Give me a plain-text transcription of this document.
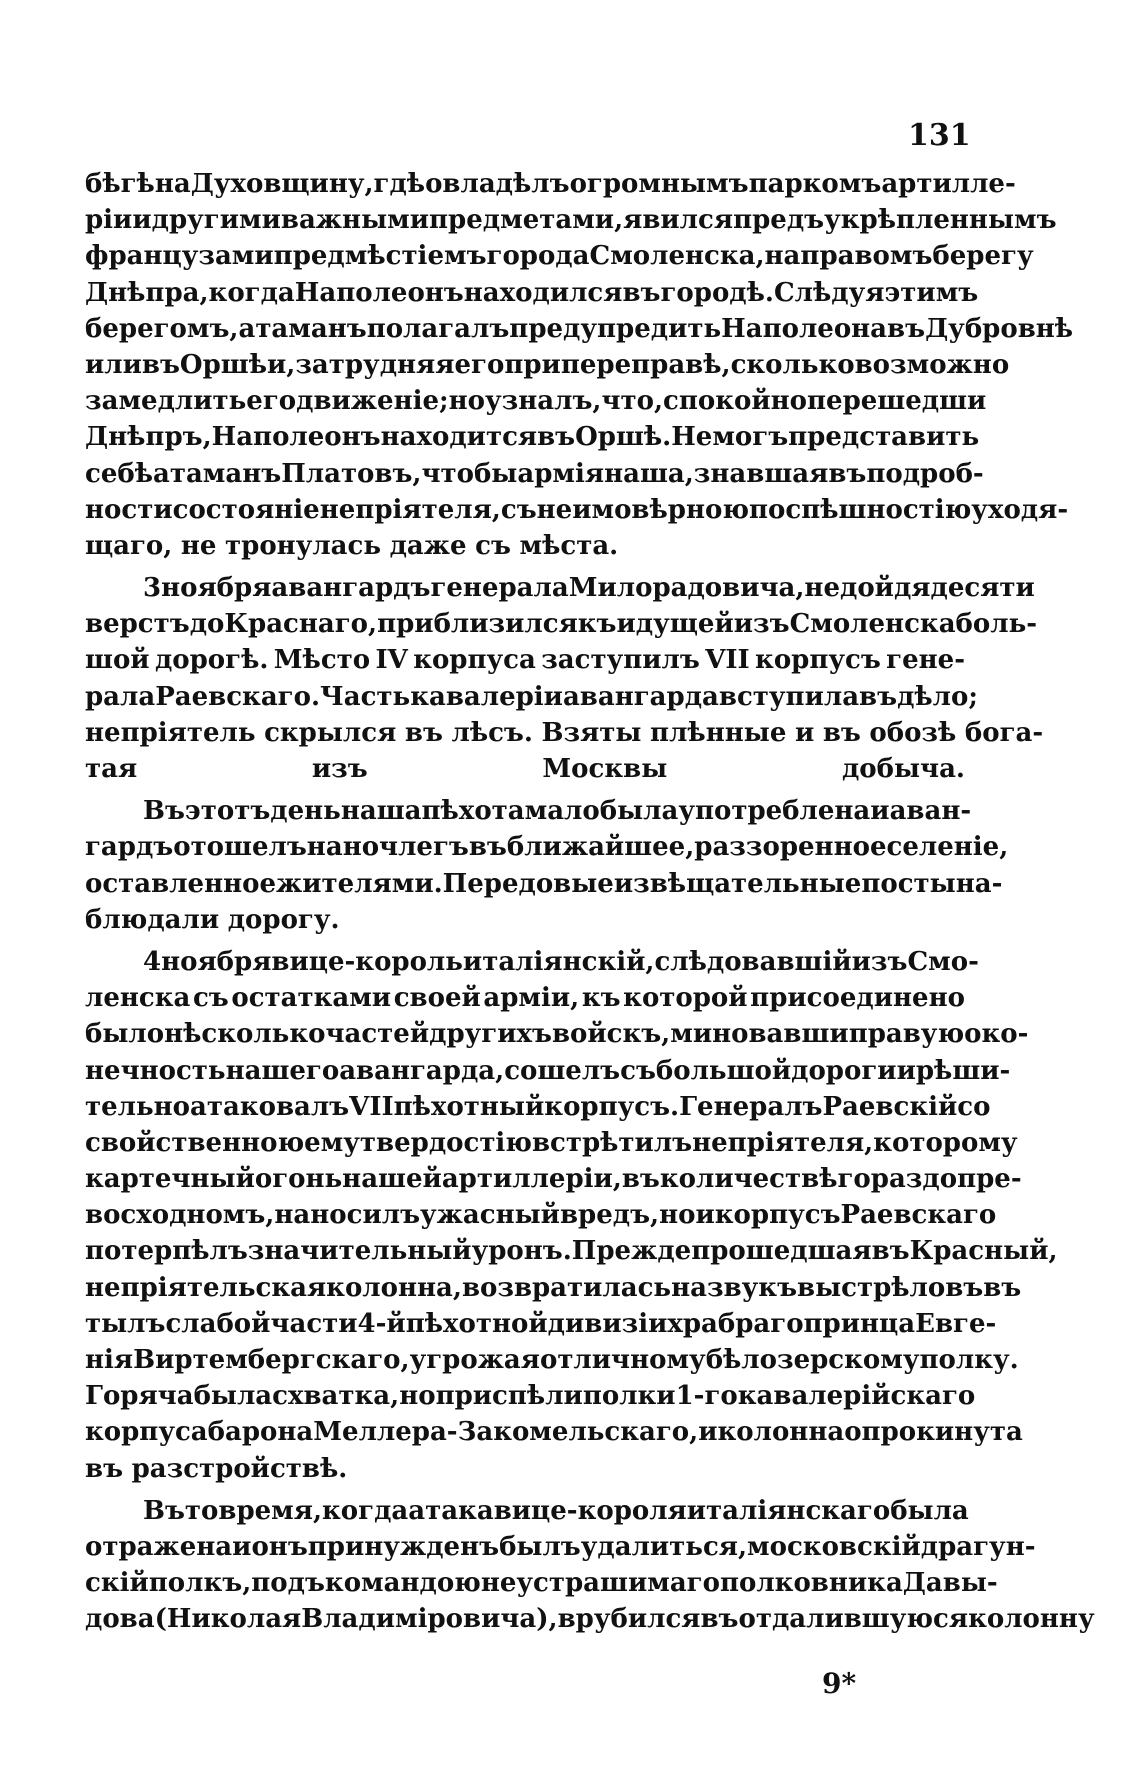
131
бѣгѣ на Духовщину, гдѣ овладѣлъ огромнымъ паркомъ артилле-
ріи и другими важными предметами, явился предъ укрѣпленнымъ
французами предмѣстіемъ города Смоленска, на правомъ берегу
Днѣпра, когда Наполеонъ находился въ городѣ. Слѣдуя этимъ
берегомъ, атаманъ полагалъ предупредить Наполеона въ Дубровнѣ
или въ Оршѣ и, затрудняя его при переправѣ, сколько возможно
замедлить его движеніе; но узналъ, что, спокойно перешедши
Днѣпръ, Наполеонъ находится въ Оршѣ. Не могъ представить
себѣ атаманъ Платовъ, чтобы армія наша, знавшая въ подроб-
ности состояніе непріятеля, съ неимовѣрною поспѣшностію уходя-
щаго, не тронулась даже съ мѣста.
3 ноября авангардъ генерала Милорадовича, не дойдя десяти
верстъ до Краснаго, приблизился къ идущей изъ Смоленска боль-
шой дорогѣ. Мѣсто IV корпуса заступилъ VII корпусъ гене-
рала Раевскаго. Часть кавалеріи авангарда вступила въ дѣло;
непріятель скрылся въ лѣсъ. Взяты плѣнные и въ обозѣ бога-
тая	изъ	Москвы	добыча.
Въ этотъ день наша пѣхота мало была употреблена и аван-
гардъ отошелъ на ночлегъ въ ближайшее, раззоренное селеніе,
оставленное жителями. Передовые извѣщательные посты на-
блюдали дорогу.
4 ноября вице-король италіянскій, слѣдовавшій изъ Смо-
ленска съ остатками своей арміи, къ которой присоединено
было нѣсколько частей другихъ войскъ, миновавши правую око-
нечность нашего авангарда, сошелъ съ большой дороги и рѣши-
тельно атаковалъ VII пѣхотный корпусъ. Генералъ Раевскій со
свойственною ему твердостію встрѣтилъ непріятеля, которому
картечный огонь нашей артиллеріи, въ количествѣ гораздо пре-
восходномъ, наносилъ ужасный вредъ, но и корпусъ Раевскаго
потерпѣлъ значительный уронъ. Прежде прошедшая въ Красный,
непріятельская колонна, возвратилась на звукъ выстрѣловъ въ
тылъ слабой части 4-й пѣхотной дивизіи храбраго принца Евге-
нія Виртембергскаго, угрожая отличному бѣлозерскому полку.
Горяча была схватка, но приспѣли полки 1-го кавалерійскаго
корпуса барона Меллера-Закомельскаго, и колонна опрокинута
въ разстройствѣ.
Въ то время, когда атака вице-короля италіянскаго была
отражена и онъ принужденъ былъ удалиться, московскій драгун-
скій полкъ, подъ командою неустрашимаго полковника Давы-
дова (Николая Владиміровича), врубился въ отдалившуюся колонну
9*
